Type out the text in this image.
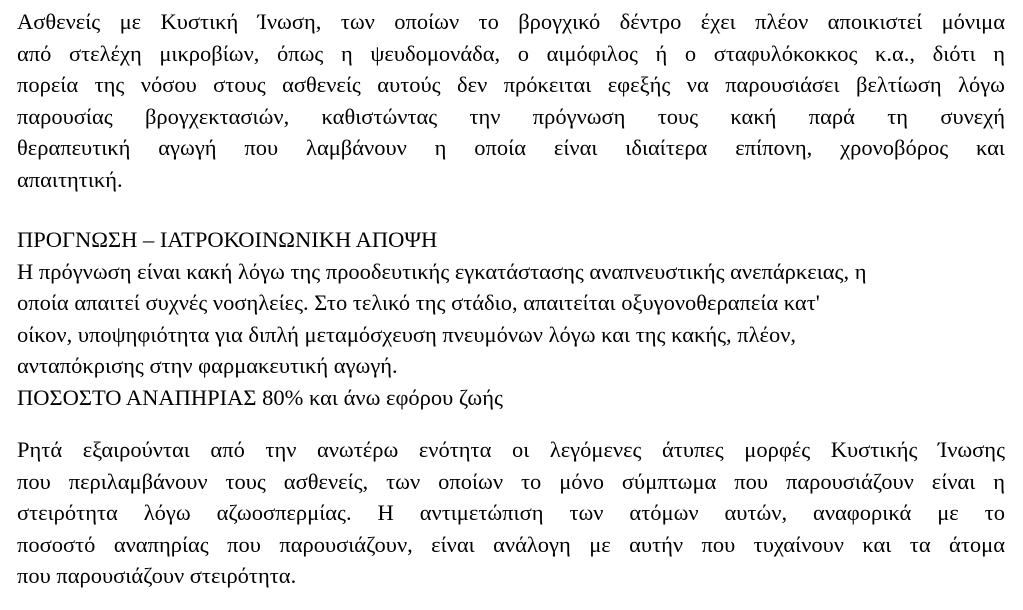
Ασθενείς με Κυστική Ίνωση, των οποίων το βρογχικό δέντρο έχει πλέον αποικιστεί μόνιμα
από στελέχη μικροβίων, όπως η ψευδομονάδα, ο αιμόφιλος ή ο σταφυλόκοκκος κ.α., διότι η
πορεία της νόσου στους ασθενείς αυτούς δεν πρόκειται εφεξής να παρουσιάσει βελτίωση λόγω
παρουσίας βρογχεκτασιών, καθιστώντας την πρόγνωση τους κακή παρά τη συνεχή
θεραπευτική αγωγή που λαμβάνουν η οποία είναι ιδιαίτερα επίπονη, χρονοβόρος και
απαιτητική.
ΠΡΟΓΝΩΣΗ – ΙΑΤΡΟΚΟΙΝΩΝΙΚΗ ΑΠΟΨΗ
Η πρόγνωση είναι κακή λόγω της προοδευτικής εγκατάστασης αναπνευστικής ανεπάρκειας, η
οποία απαιτεί συχνές νοσηλείες. Στο τελικό της στάδιο, απαιτείται οξυγονοθεραπεία κατ'
οίκον, υποψηφιότητα για διπλή μεταμόσχευση πνευμόνων λόγω και της κακής, πλέον,
ανταπόκρισης στην φαρμακευτική αγωγή.
ΠΟΣΟΣΤΟ ΑΝΑΠΗΡΙΑΣ 80% και άνω εφόρου ζωής
Ρητά εξαιρούνται από την ανωτέρω ενότητα οι λεγόμενες άτυπες μορφές Κυστικής Ίνωσης
που περιλαμβάνουν τους ασθενείς, των οποίων το μόνο σύμπτωμα που παρουσιάζουν είναι η
στειρότητα λόγω αζωοσπερμίας. Η αντιμετώπιση των ατόμων αυτών, αναφορικά με το
ποσοστό αναπηρίας που παρουσιάζουν, είναι ανάλογη με αυτήν που τυχαίνουν και τα άτομα
που παρουσιάζουν στειρότητα.
